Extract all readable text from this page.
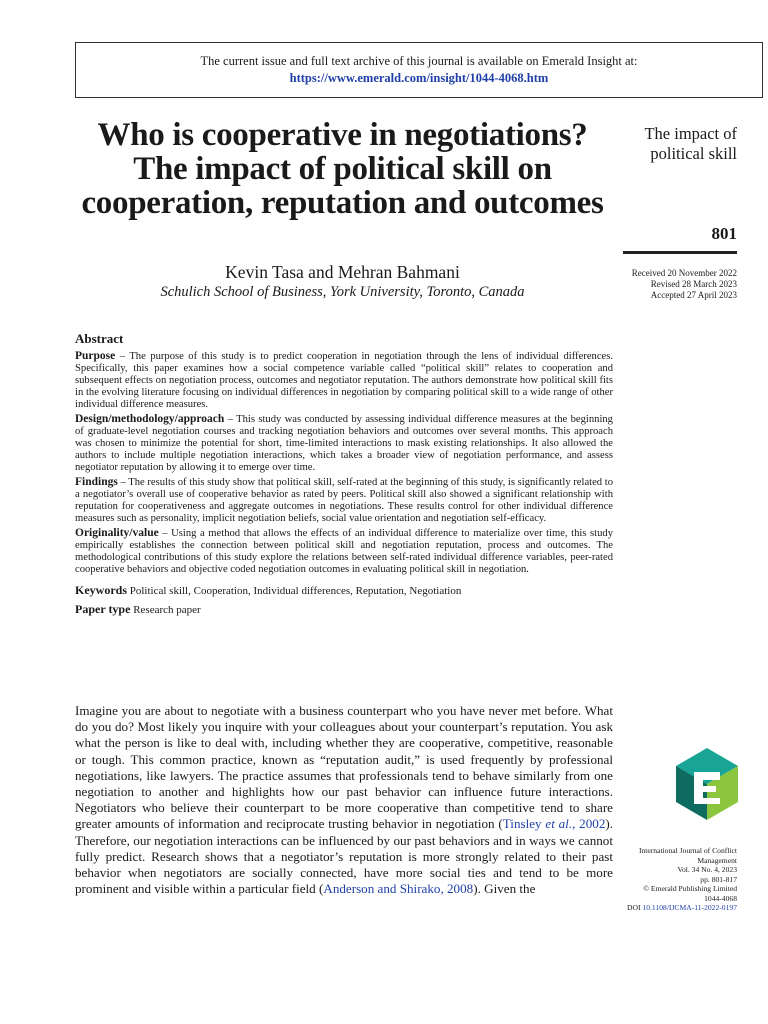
The current issue and full text archive of this journal is available on Emerald Insight at:
https://www.emerald.com/insight/1044-4068.htm
Who is cooperative in negotiations? The impact of political skill on cooperation, reputation and outcomes
Kevin Tasa and Mehran Bahmani
Schulich School of Business, York University, Toronto, Canada
The impact of political skill
801
Received 20 November 2022
Revised 28 March 2023
Accepted 27 April 2023
Abstract

Purpose – The purpose of this study is to predict cooperation in negotiation through the lens of individual differences. Specifically, this paper examines how a social competence variable called “political skill” relates to cooperation and subsequent effects on negotiation process, outcomes and negotiator reputation. The authors demonstrate how political skill fits in the evolving literature focusing on individual differences in negotiation by comparing political skill to a wide range of other individual difference measures.

Design/methodology/approach – This study was conducted by assessing individual difference measures at the beginning of graduate-level negotiation courses and tracking negotiation behaviors and outcomes over several months. This approach was chosen to minimize the potential for short, time-limited interactions to mask existing relationships. It also allowed the authors to include multiple negotiation interactions, which takes a broader view of negotiation performance, and assess negotiator reputation by allowing it to emerge over time.

Findings – The results of this study show that political skill, self-rated at the beginning of this study, is significantly related to a negotiator’s overall use of cooperative behavior as rated by peers. Political skill also showed a significant relationship with reputation for cooperativeness and aggregate outcomes in negotiations. These results control for other individual difference measures such as personality, implicit negotiation beliefs, social value orientation and negotiation self-efficacy.

Originality/value – Using a method that allows the effects of an individual difference to materialize over time, this study empirically establishes the connection between political skill and negotiation reputation, process and outcomes. The methodological contributions of this study explore the relations between self-rated individual difference variables, peer-rated cooperative behaviors and objective coded negotiation outcomes in evaluating political skill in negotiation.

Keywords Political skill, Cooperation, Individual differences, Reputation, Negotiation

Paper type Research paper

Imagine you are about to negotiate with a business counterpart who you have never met before. What do you do? Most likely you inquire with your colleagues about your counterpart’s reputation. You ask what the person is like to deal with, including whether they are cooperative, competitive, reasonable or tough. This common practice, known as “reputation audit,” is used frequently by professional negotiations, like lawyers. The practice assumes that professionals tend to behave similarly from one negotiation to another and highlights how our past behavior can influence future interactions. Negotiators who believe their counterpart to be more cooperative than competitive tend to share greater amounts of information and reciprocate trusting behavior in negotiation (Tinsley et al., 2002). Therefore, our negotiation interactions can be influenced by our past behaviors and in ways we cannot fully predict. Research shows that a negotiator’s reputation is more strongly related to their past behavior when negotiators are socially connected, have more social ties and tend to be more prominent and visible within a particular field (Anderson and Shirako, 2008). Given the

International Journal of Conflict Management
Vol. 34 No. 4, 2023
pp. 801-817
© Emerald Publishing Limited
1044-4068
DOI 10.1108/IJCMA-11-2022-0197
